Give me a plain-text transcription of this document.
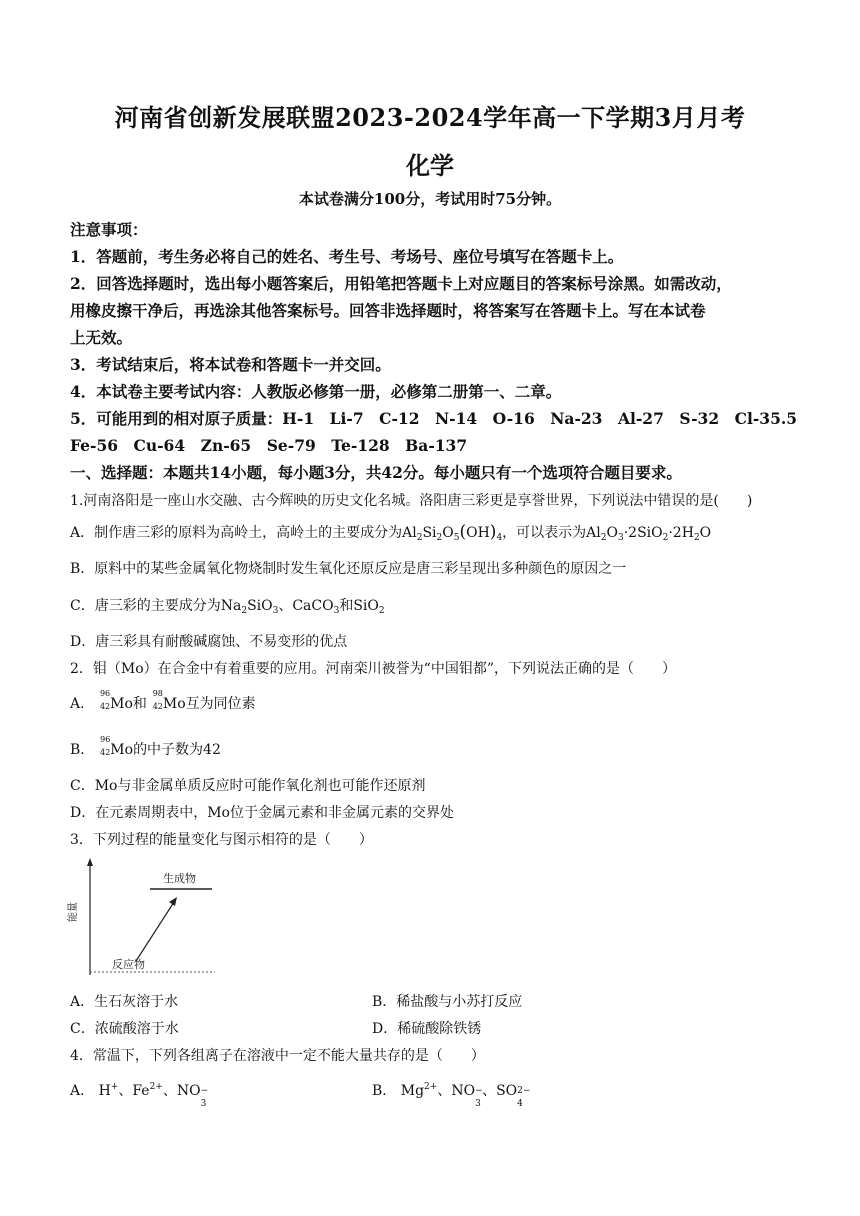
河南省创新发展联盟2023-2024学年高一下学期3月月考
化学
本试卷满分100分，考试用时75分钟。
注意事项：
1．答题前，考生务必将自己的姓名、考生号、考场号、座位号填写在答题卡上。
2．回答选择题时，选出每小题答案后，用铅笔把答题卡上对应题目的答案标号涂黑。如需改动，
用橡皮擦干净后，再选涂其他答案标号。回答非选择题时，将答案写在答题卡上。写在本试卷
上无效。
3．考试结束后，将本试卷和答题卡一并交回。
4．本试卷主要考试内容：人教版必修第一册，必修第二册第一、二章。
5．可能用到的相对原子质量：H-1　Li-7　C-12　N-14　O-16　Na-23　Al-27　S-32　Cl-35.5
Fe-56　Cu-64　Zn-65　Se-79　Te-128　Ba-137
一、选择题：本题共14小题，每小题3分，共42分。每小题只有一个选项符合题目要求。
1.河南洛阳是一座山水交融、古今辉映的历史文化名城。洛阳唐三彩更是享誉世界，下列说法中错误的是(　　)
A．制作唐三彩的原料为高岭土，高岭土的主要成分为$Al_2Si_2O_5(OH)_4$，可以表示为$Al_2O_3\cdot 2SiO_2\cdot 2H_2O$
B．原料中的某些金属氧化物烧制时发生氧化还原反应是唐三彩呈现出多种颜色的原因之一
C．唐三彩的主要成分为$Na_2SiO_3$、CaCO$_3$和SiO$_2$
D．唐三彩具有耐酸碱腐蚀、不易变形的优点
2．钼（Mo）在合金中有着重要的应用。河南栾川被誉为“中国钼都”，下列说法正确的是（　　）
A．
96
42 Mo和
98
42 Mo互为同位素
B．
96
42 Mo的中子数为42
C．Mo与非金属单质反应时可能作氧化剂也可能作还原剂
D．在元素周期表中，Mo位于金属元素和非金属元素的交界处
3．下列过程的能量变化与图示相符的是（　　）
生成物
反应物
能量
A．生石灰溶于水	B．稀盐酸与小苏打反应
C．浓硫酸溶于水	D．稀硫酸除铁锈
4．常温下，下列各组离子在溶液中一定不能大量共存的是（　　）
A． H+、$Fe^{2+}$、NO −
3
B． $Mg^{2+}$、NO −
3
、SO 2−
4
